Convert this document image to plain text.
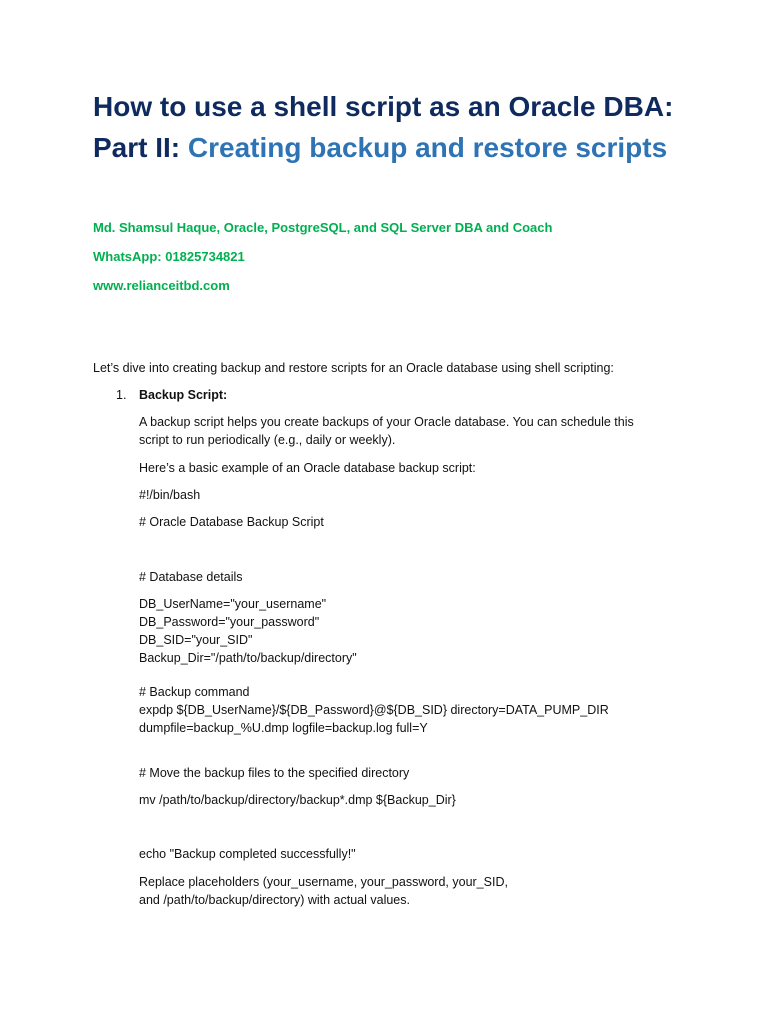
How to use a shell script as an Oracle DBA: Part II: Creating backup and restore scripts

Md. Shamsul Haque, Oracle, PostgreSQL, and SQL Server DBA and Coach

WhatsApp: 01825734821

www.relianceitbd.com

Let’s dive into creating backup and restore scripts for an Oracle database using shell scripting:

1. Backup Script:

A backup script helps you create backups of your Oracle database. You can schedule this

script to run periodically (e.g., daily or weekly).

Here’s a basic example of an Oracle database backup script:

#!/bin/bash

# Oracle Database Backup Script

# Database details

DB_UserName="your_username"

DB_Password="your_password"

DB_SID="your_SID"

Backup_Dir="/path/to/backup/directory"

# Backup command

expdp ${DB_UserName}/${DB_Password}@${DB_SID} directory=DATA_PUMP_DIR

dumpfile=backup_%U.dmp logfile=backup.log full=Y

# Move the backup files to the specified directory

mv /path/to/backup/directory/backup*.dmp ${Backup_Dir}

echo "Backup completed successfully!"

Replace placeholders (your_username, your_password, your_SID,

and /path/to/backup/directory) with actual values.
